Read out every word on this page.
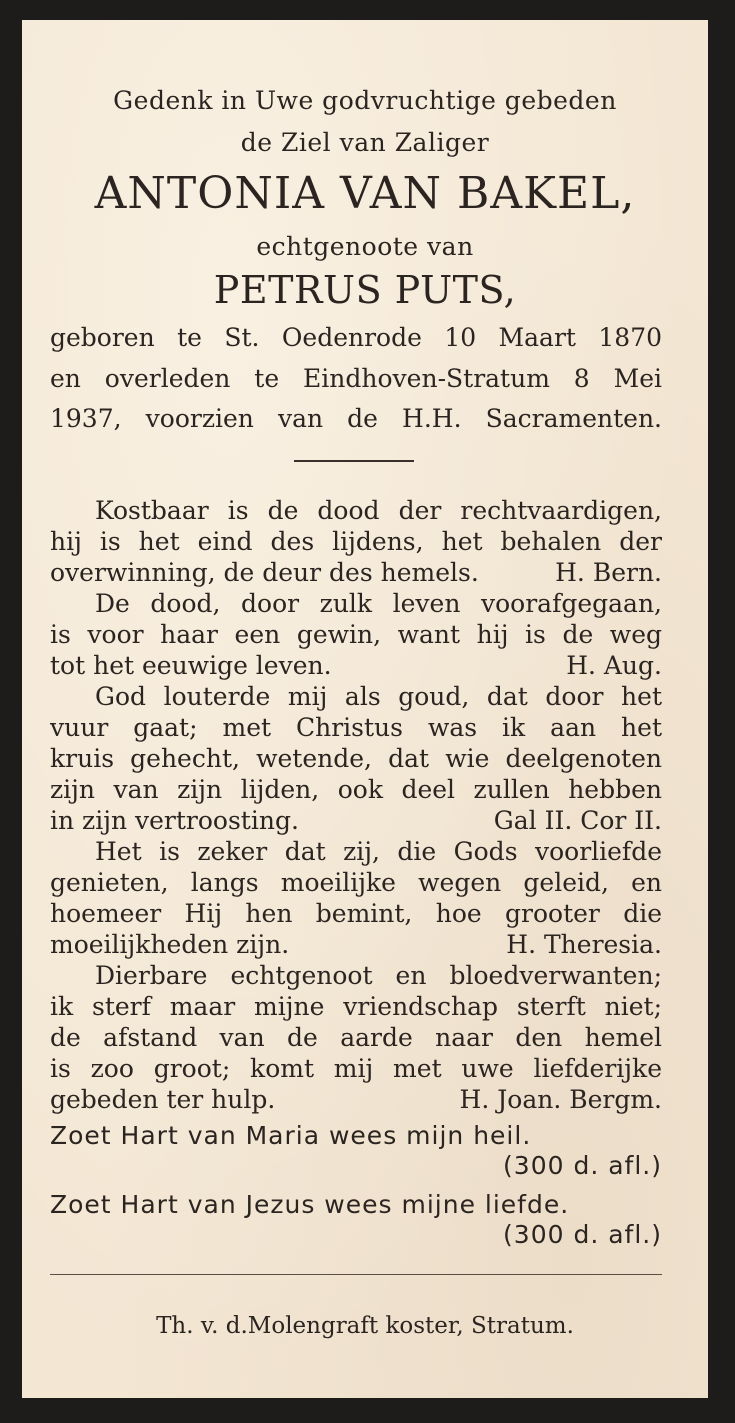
Gedenk in Uwe godvruchtige gebeden
de Ziel van Zaliger
ANTONIA VAN BAKEL,
echtgenoote van
PETRUS PUTS,
geboren te St. Oedenrode 10 Maart 1870
en overleden te Eindhoven-Stratum 8 Mei
1937, voorzien van de H.H. Sacramenten.
Kostbaar is de dood der rechtvaardigen,
hij is het eind des lijdens, het behalen der
overwinning, de deur des hemels.	H. Bern.
De dood, door zulk leven voorafgegaan,
is voor haar een gewin, want hij is de weg
tot het eeuwige leven.	H. Aug.
God louterde mij als goud, dat door het
vuur gaat; met Christus was ik aan het
kruis gehecht, wetende, dat wie deelgenoten
zijn van zijn lijden, ook deel zullen hebben
in zijn vertroosting.	Gal II. Cor II.
Het is zeker dat zij, die Gods voorliefde
genieten, langs moeilijke wegen geleid, en
hoemeer Hij hen bemint, hoe grooter die
moeilijkheden zijn.	H. Theresia.
Dierbare echtgenoot en bloedverwanten;
ik sterf maar mijne vriendschap sterft niet;
de afstand van de aarde naar den hemel
is zoo groot; komt mij met uwe liefderijke
gebeden ter hulp.	H. Joan. Bergm.
Zoet Hart van Maria wees mijn heil.
(300 d. afl.)
Zoet Hart van Jezus wees mijne liefde.
(300 d. afl.)
Th. v. d.Molengraft koster, Stratum.
